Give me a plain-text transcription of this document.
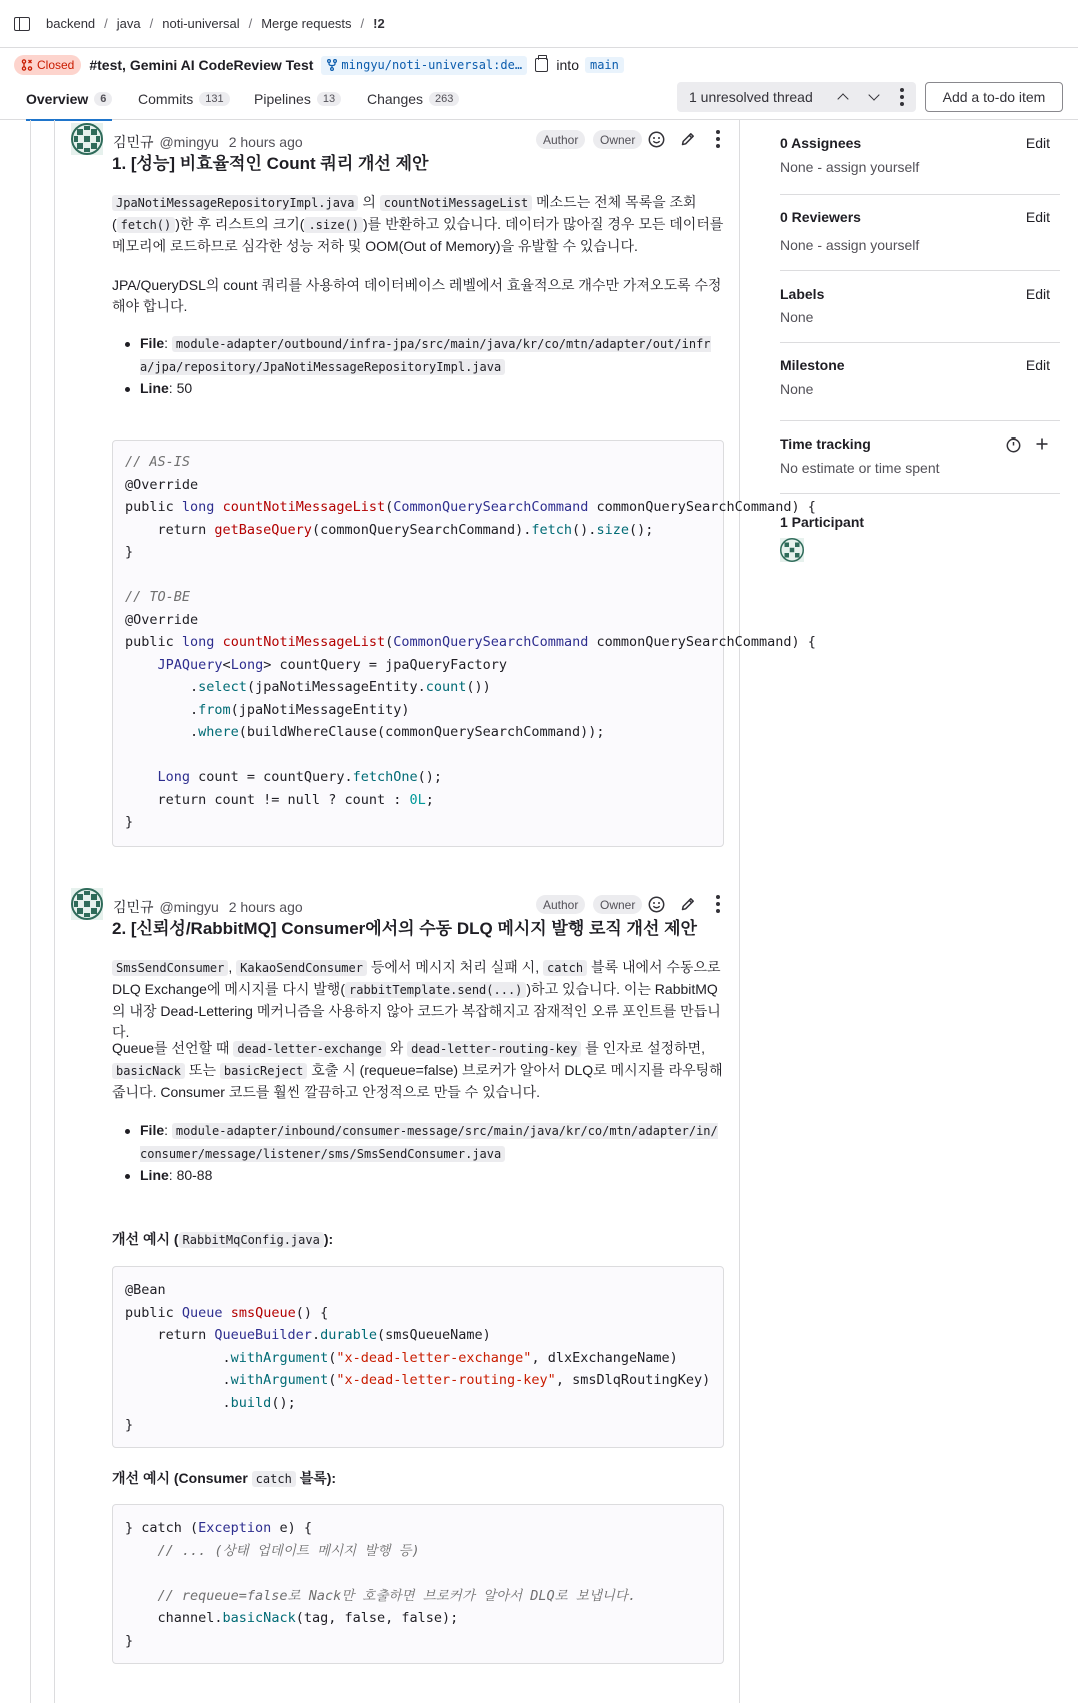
backend / java / noti-universal / Merge requests / !2
Closed #test, Gemini AI CodeReview Test mingyu/noti-universal:de… into main
Overview	6	Commits	131	Pipelines	13	Changes	263	1 unresolved thread	Add a to-do item
김민규 @mingyu 2 hours ago	Author	Owner
1. [성능] 비효율적인 Count 쿼리 개선 제안

JpaNotiMessageRepositoryImpl.java 의 countNotiMessageList 메소드는 전체 목록을 조회( fetch() )한 후 리스트의 크기( .size() )를 반환하고 있습니다. 데이터가 많아질 경우 모든 데이터를 메모리에 로드하므로 심각한 성능 저하 및 OOM(Out of Memory)을 유발할 수 있습니다.

JPA/QueryDSL의 count 쿼리를 사용하여 데이터베이스 레벨에서 효율적으로 개수만 가져오도록 수정해야 합니다.

File: module-adapter/outbound/infra-jpa/src/main/java/kr/co/mtn/adapter/out/infra/jpa/repository/JpaNotiMessageRepositoryImpl.java
Line: 50
// AS-IS
@Override
public long countNotiMessageList(CommonQuerySearchCommand commonQuerySearchCommand) {
return getBaseQuery(commonQuerySearchCommand).fetch().size();
}

// TO-BE
@Override
public long countNotiMessageList(CommonQuerySearchCommand commonQuerySearchCommand) {
JPAQuery<Long> countQuery = jpaQueryFactory
.select(jpaNotiMessageEntity.count())
.from(jpaNotiMessageEntity)
.where(buildWhereClause(commonQuerySearchCommand));

Long count = countQuery.fetchOne();
return count != null ? count : 0L;
}
김민규 @mingyu 2 hours ago	Author	Owner
2. [신뢰성/RabbitMQ] Consumer에서의 수동 DLQ 메시지 발행 로직 개선 제안

SmsSendConsumer , KakaoSendConsumer 등에서 메시지 처리 실패 시, catch 블록 내에서 수동으로 DLQ Exchange에 메시지를 다시 발행( rabbitTemplate.send(...) )하고 있습니다. 이는 RabbitMQ의 내장 Dead-Lettering 메커니즘을 사용하지 않아 코드가 복잡해지고 잠재적인 오류 포인트를 만듭니다.

Queue를 선언할 때 dead-letter-exchange 와 dead-letter-routing-key 를 인자로 설정하면, basicNack 또는 basicReject 호출 시 (requeue=false) 브로커가 알아서 DLQ로 메시지를 라우팅해줍니다. Consumer 코드를 훨씬 깔끔하고 안정적으로 만들 수 있습니다.

File: module-adapter/inbound/consumer-message/src/main/java/kr/co/mtn/adapter/in/consumer/message/listener/sms/SmsSendConsumer.java
Line: 80-88
개선 예시 ( RabbitMqConfig.java ):
@Bean
public Queue smsQueue() {
return QueueBuilder.durable(smsQueueName)
.withArgument("x-dead-letter-exchange", dlxExchangeName)
.withArgument("x-dead-letter-routing-key", smsDlqRoutingKey)
.build();
}
개선 예시 (Consumer catch 블록):
} catch (Exception e) {
// ... (상태 업데이트 메시지 발행 등)

// requeue=false로 Nack만 호출하면 브로커가 알아서 DLQ로 보냅니다.
channel.basicNack(tag, false, false);
}
0 Assignees	Edit
None - assign yourself
0 Reviewers	Edit
None - assign yourself
Labels	Edit
None
Milestone	Edit
None
Time tracking
No estimate or time spent
1 Participant
